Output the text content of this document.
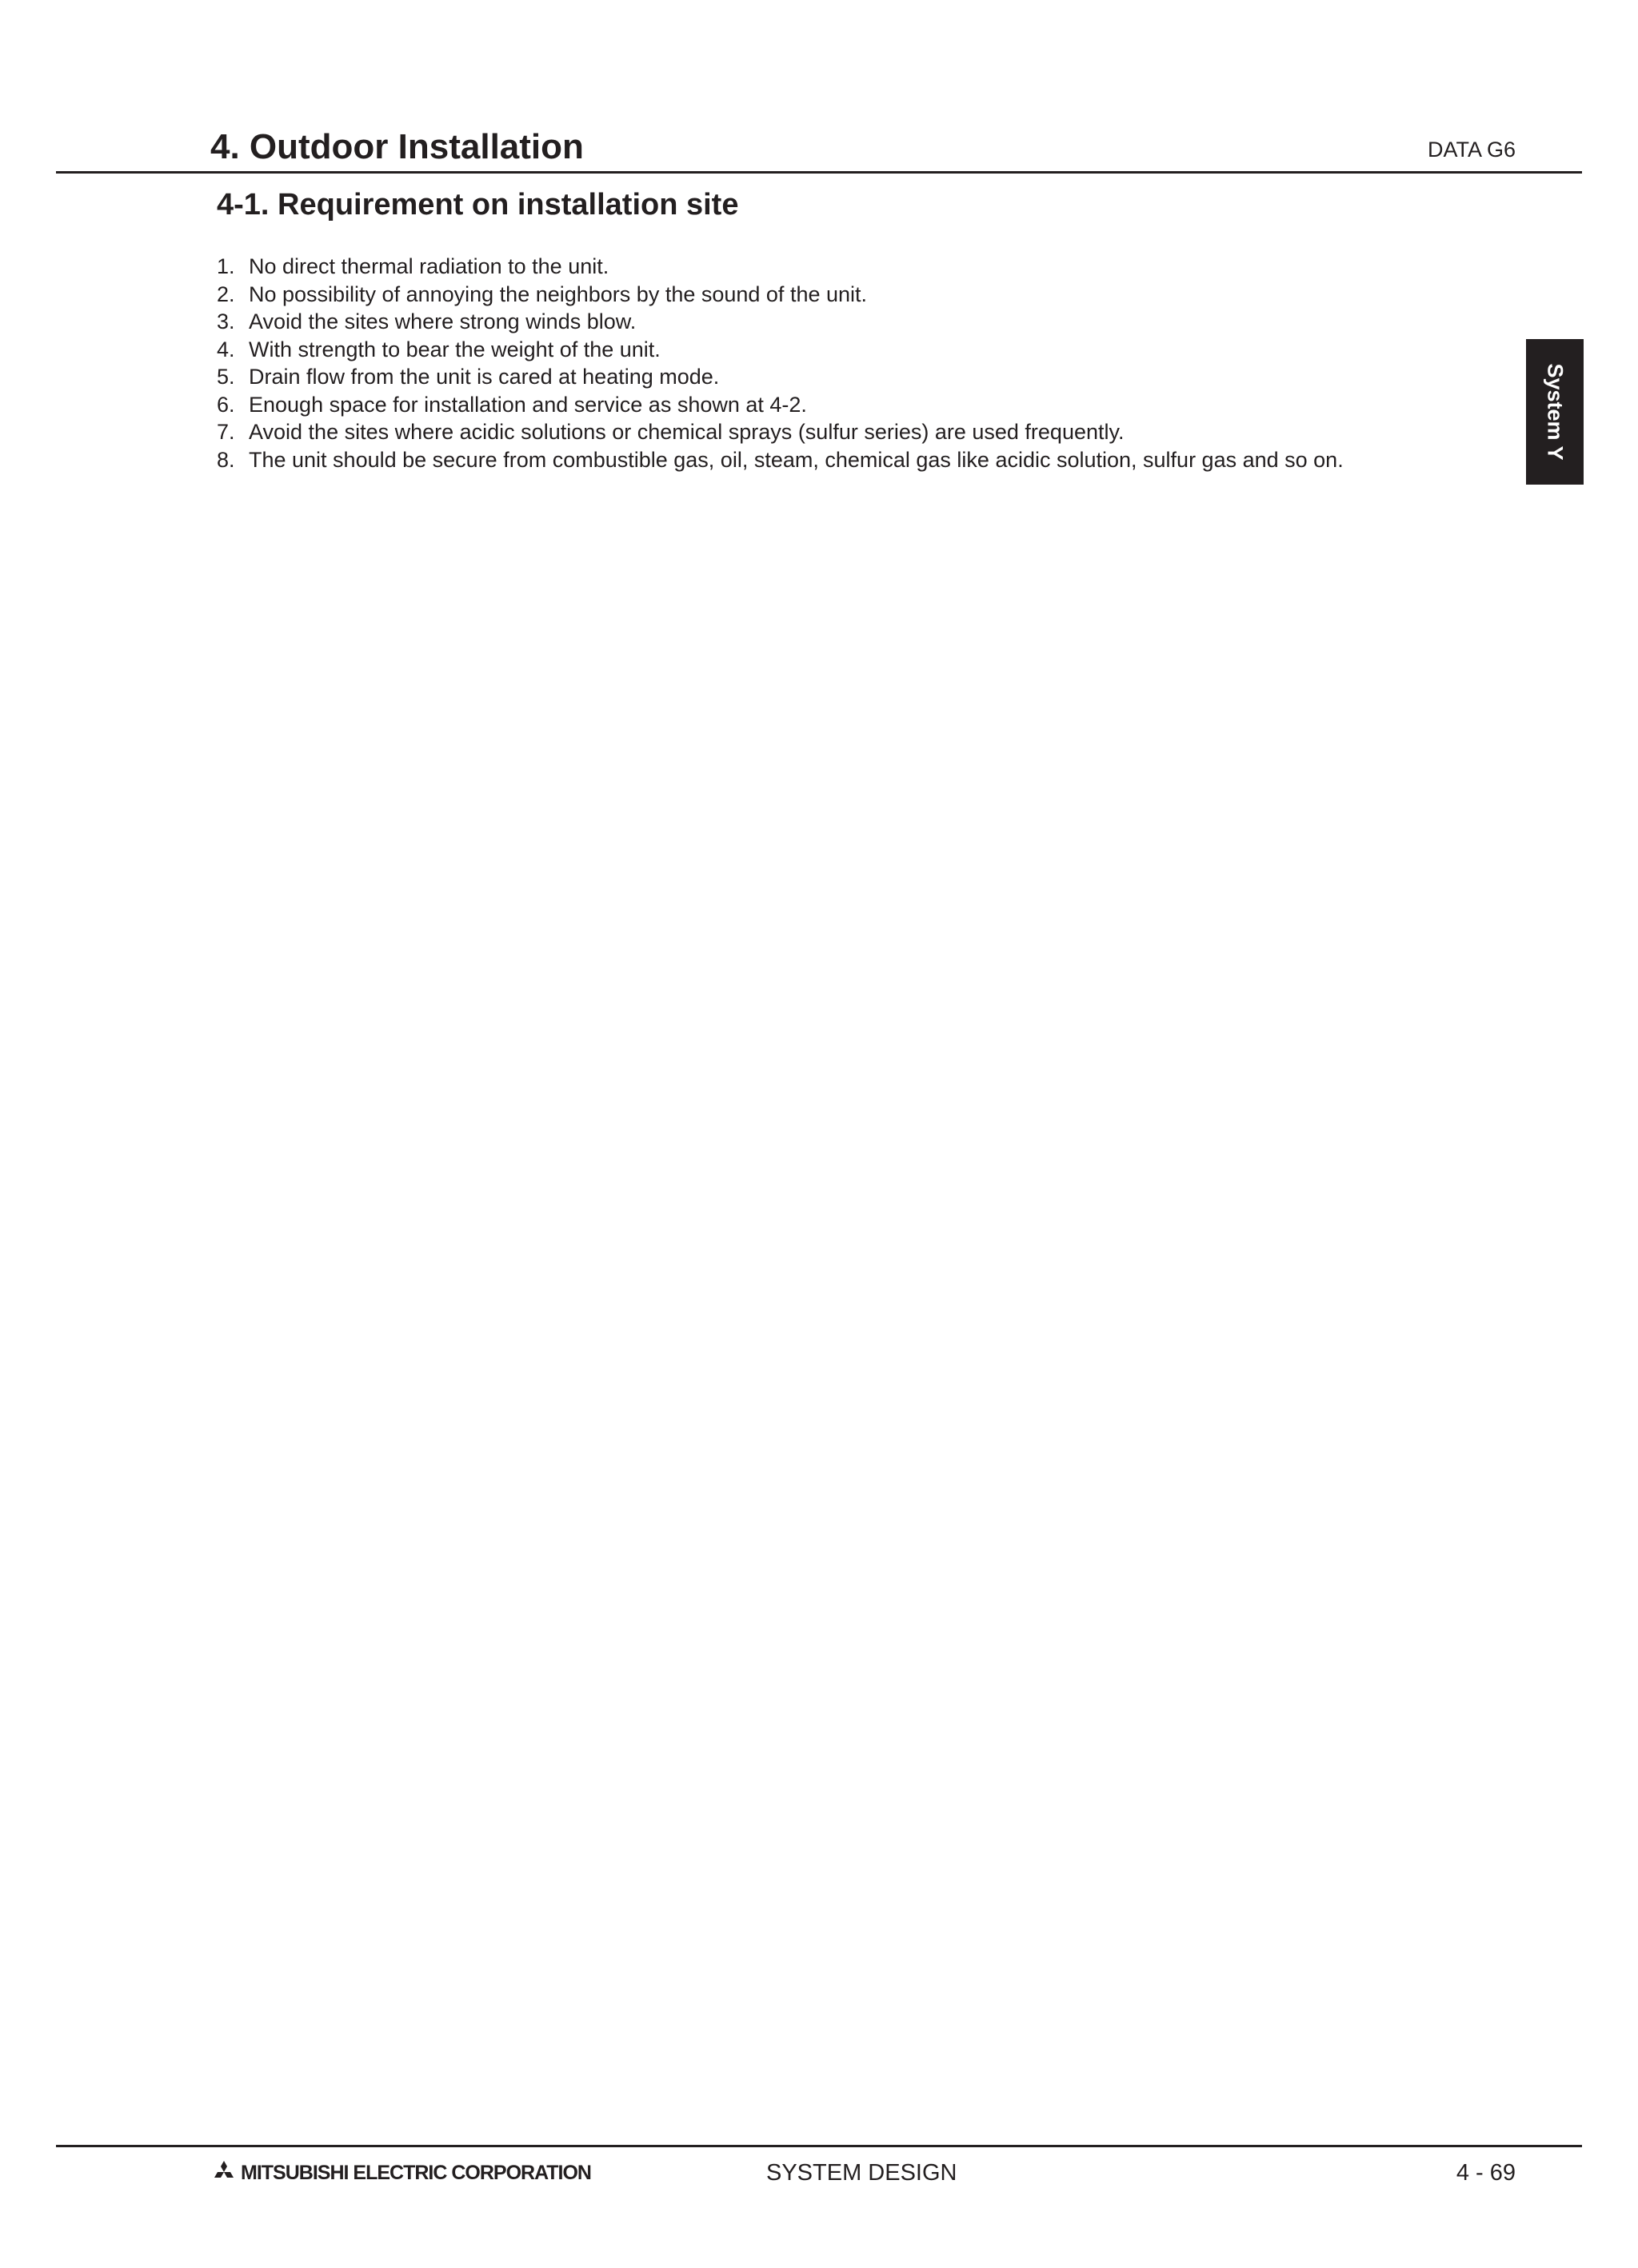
4. Outdoor Installation	DATA G6
4-1. Requirement on installation site
1. No direct thermal radiation to the unit.
2. No possibility of annoying the neighbors by the sound of the unit.
3. Avoid the sites where strong winds blow.
4. With strength to bear the weight of the unit.
5. Drain flow from the unit is cared at heating mode.
6. Enough space for installation and service as shown at 4-2.
7. Avoid the sites where acidic solutions or chemical sprays (sulfur series) are used frequently.
8. The unit should be secure from combustible gas, oil, steam, chemical gas like acidic solution, sulfur gas and so on.	System Y
MITSUBISHI ELECTRIC CORPORATION	SYSTEM DESIGN	4 - 69
